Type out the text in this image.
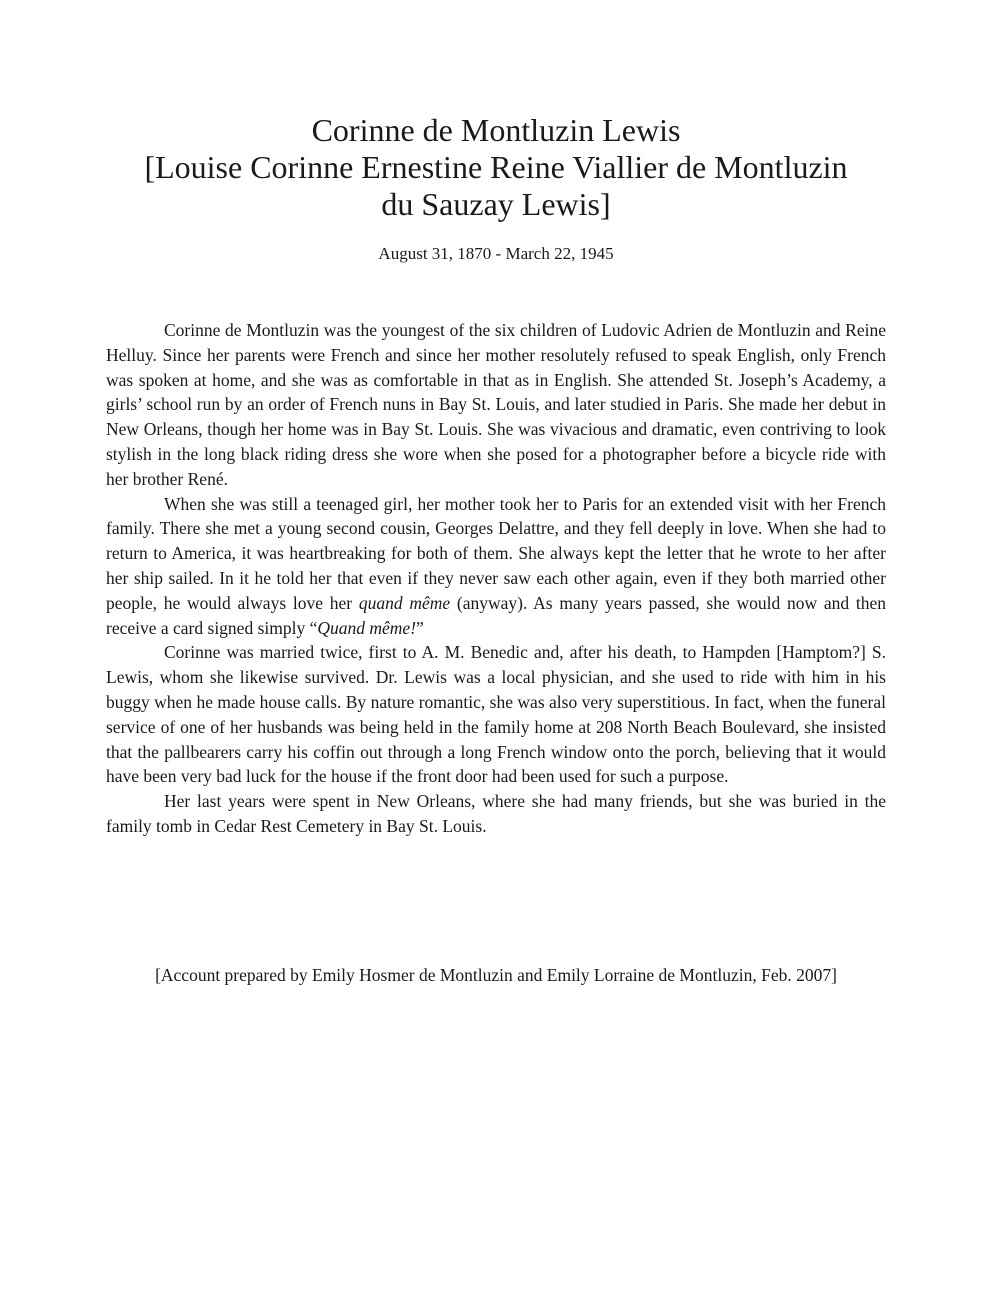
Corinne de Montluzin Lewis

[Louise Corinne Ernestine Reine Viallier de Montluzin

du Sauzay Lewis]

August 31, 1870 - March 22, 1945

Corinne de Montluzin was the youngest of the six children of Ludovic Adrien de Montluzin and Reine Helluy. Since her parents were French and since her mother resolutely refused to speak English, only French was spoken at home, and she was as comfortable in that as in English. She attended St. Joseph’s Academy, a girls’ school run by an order of French nuns in Bay St. Louis, and later studied in Paris. She made her debut in New Orleans, though her home was in Bay St. Louis. She was vivacious and dramatic, even contriving to look stylish in the long black riding dress she wore when she posed for a photographer before a bicycle ride with her brother René.

When she was still a teenaged girl, her mother took her to Paris for an extended visit with her French family. There she met a young second cousin, Georges Delattre, and they fell deeply in love. When she had to return to America, it was heartbreaking for both of them. She always kept the letter that he wrote to her after her ship sailed. In it he told her that even if they never saw each other again, even if they both married other people, he would always love her quand même (anyway). As many years passed, she would now and then receive a card signed simply “Quand même!”

Corinne was married twice, first to A. M. Benedic and, after his death, to Hampden [Hamptom?] S. Lewis, whom she likewise survived. Dr. Lewis was a local physician, and she used to ride with him in his buggy when he made house calls. By nature romantic, she was also very superstitious. In fact, when the funeral service of one of her husbands was being held in the family home at 208 North Beach Boulevard, she insisted that the pallbearers carry his coffin out through a long French window onto the porch, believing that it would have been very bad luck for the house if the front door had been used for such a purpose.

Her last years were spent in New Orleans, where she had many friends, but she was buried in the family tomb in Cedar Rest Cemetery in Bay St. Louis.

[Account prepared by Emily Hosmer de Montluzin and Emily Lorraine de Montluzin, Feb. 2007]
